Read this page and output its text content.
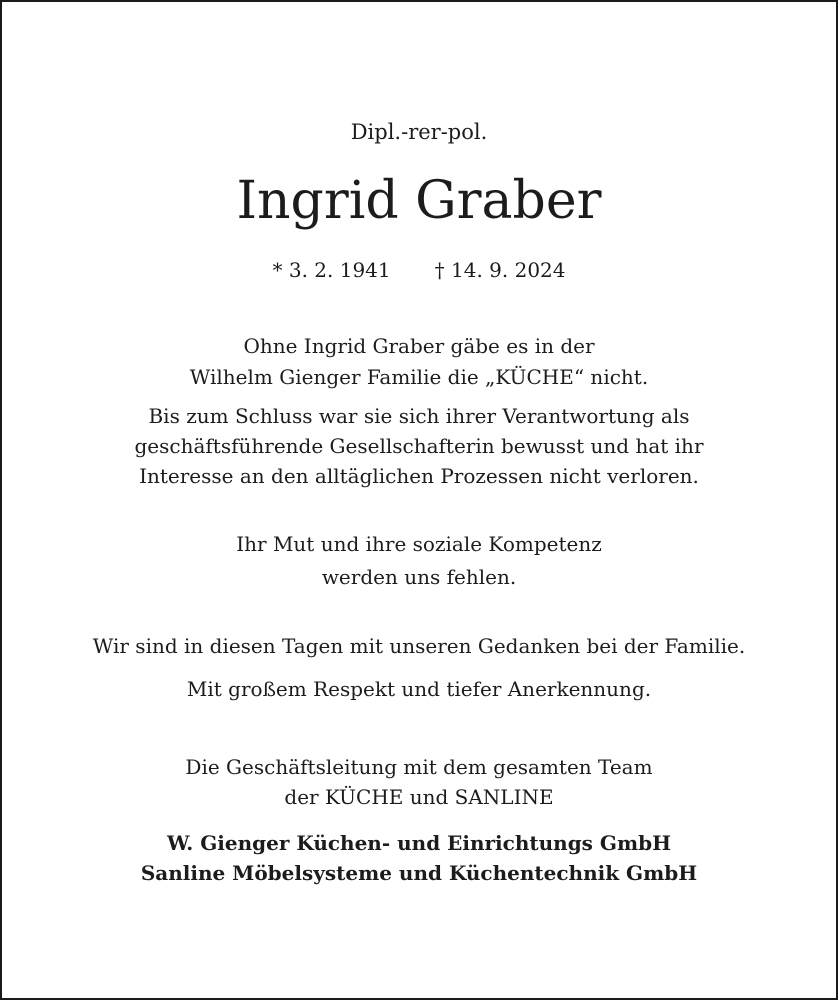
Dipl.-rer-pol.
Ingrid Graber
* 3. 2. 1941 † 14. 9. 2024
Ohne Ingrid Graber gäbe es in der
Wilhelm Gienger Familie die „KÜCHE“ nicht.
Bis zum Schluss war sie sich ihrer Verantwortung als
geschäftsführende Gesellschafterin bewusst und hat ihr
Interesse an den alltäglichen Prozessen nicht verloren.
Ihr Mut und ihre soziale Kompetenz
werden uns fehlen.
Wir sind in diesen Tagen mit unseren Gedanken bei der Familie.
Mit großem Respekt und tiefer Anerkennung.
Die Geschäftsleitung mit dem gesamten Team
der KÜCHE und SANLINE
W. Gienger Küchen- und Einrichtungs GmbH
Sanline Möbelsysteme und Küchentechnik GmbH
